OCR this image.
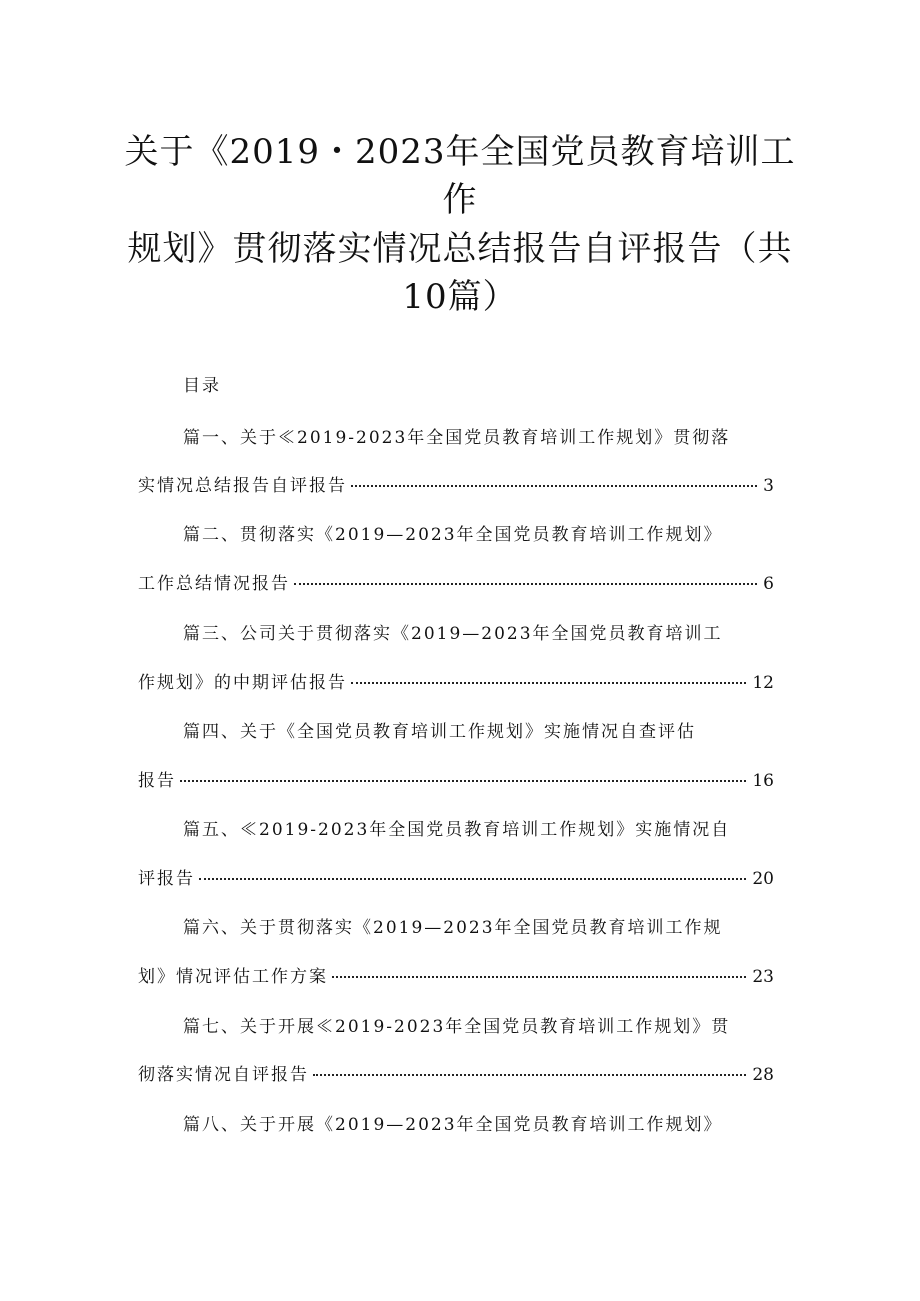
关于《2019・2023年全国党员教育培训工
作
规划》贯彻落实情况总结报告自评报告（共
10篇）
目录
篇一、关于≪2019-2023年全国党员教育培训工作规划》贯彻落
实情况总结报告自评报告	3
篇二、贯彻落实《2019—2023年全国党员教育培训工作规划》
工作总结情况报告	6
篇三、公司关于贯彻落实《2019—2023年全国党员教育培训工
作规划》的中期评估报告	12
篇四、关于《全国党员教育培训工作规划》实施情况自查评估
报告	16
篇五、≪2019-2023年全国党员教育培训工作规划》实施情况自
评报告	20
篇六、关于贯彻落实《2019—2023年全国党员教育培训工作规
划》情况评估工作方案	23
篇七、关于开展≪2019-2023年全国党员教育培训工作规划》贯
彻落实情况自评报告	28
篇八、关于开展《2019—2023年全国党员教育培训工作规划》
